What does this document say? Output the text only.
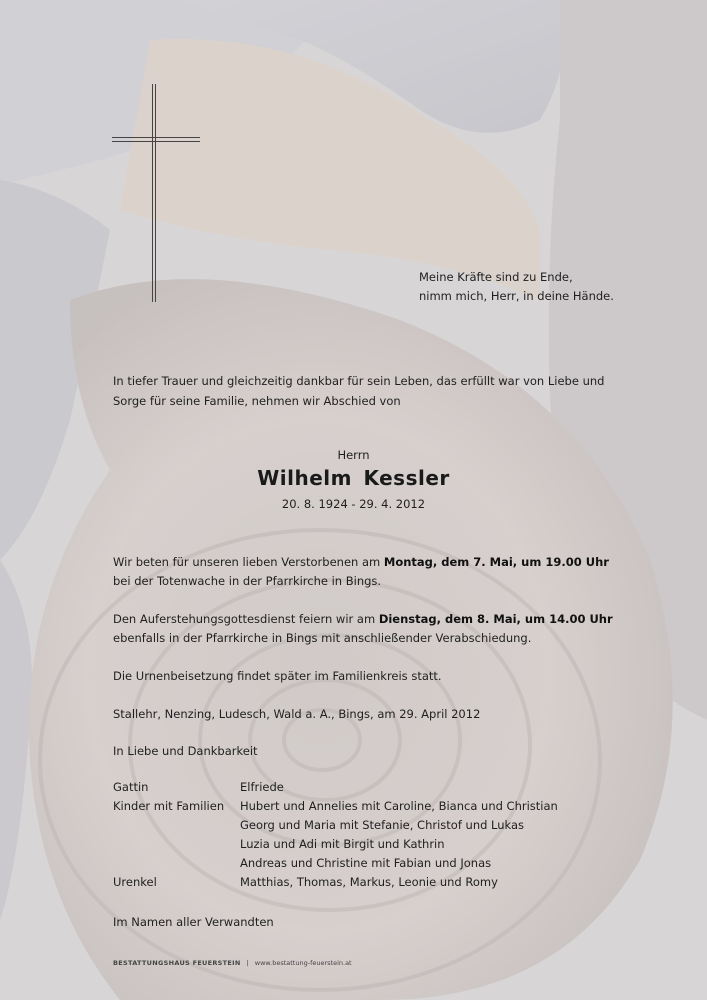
Meine Kräfte sind zu Ende,
nimm mich, Herr, in deine Hände.
In tiefer Trauer und gleichzeitig dankbar für sein Leben, das erfüllt war von Liebe und Sorge für seine Familie, nehmen wir Abschied von
Herrn
Wilhelm Kessler
20. 8. 1924 - 29. 4. 2012
Wir beten für unseren lieben Verstorbenen am Montag, dem 7. Mai, um 19.00 Uhr
bei der Totenwache in der Pfarrkirche in Bings.
Den Auferstehungsgottesdienst feiern wir am Dienstag, dem 8. Mai, um 14.00 Uhr
ebenfalls in der Pfarrkirche in Bings mit anschließender Verabschiedung.
Die Urnenbeisetzung findet später im Familienkreis statt.
Stallehr, Nenzing, Ludesch, Wald a. A., Bings, am 29. April 2012
In Liebe und Dankbarkeit
Gattin	Elfriede
Kinder mit Familien	Hubert und Annelies mit Caroline, Bianca und Christian
Georg und Maria mit Stefanie, Christof und Lukas
Luzia und Adi mit Birgit und Kathrin
Andreas und Christine mit Fabian und Jonas
Urenkel	Matthias, Thomas, Markus, Leonie und Romy
Im Namen aller Verwandten
BESTATTUNGSHAUS FEUERSTEIN | www.bestattung-feuerstein.at
